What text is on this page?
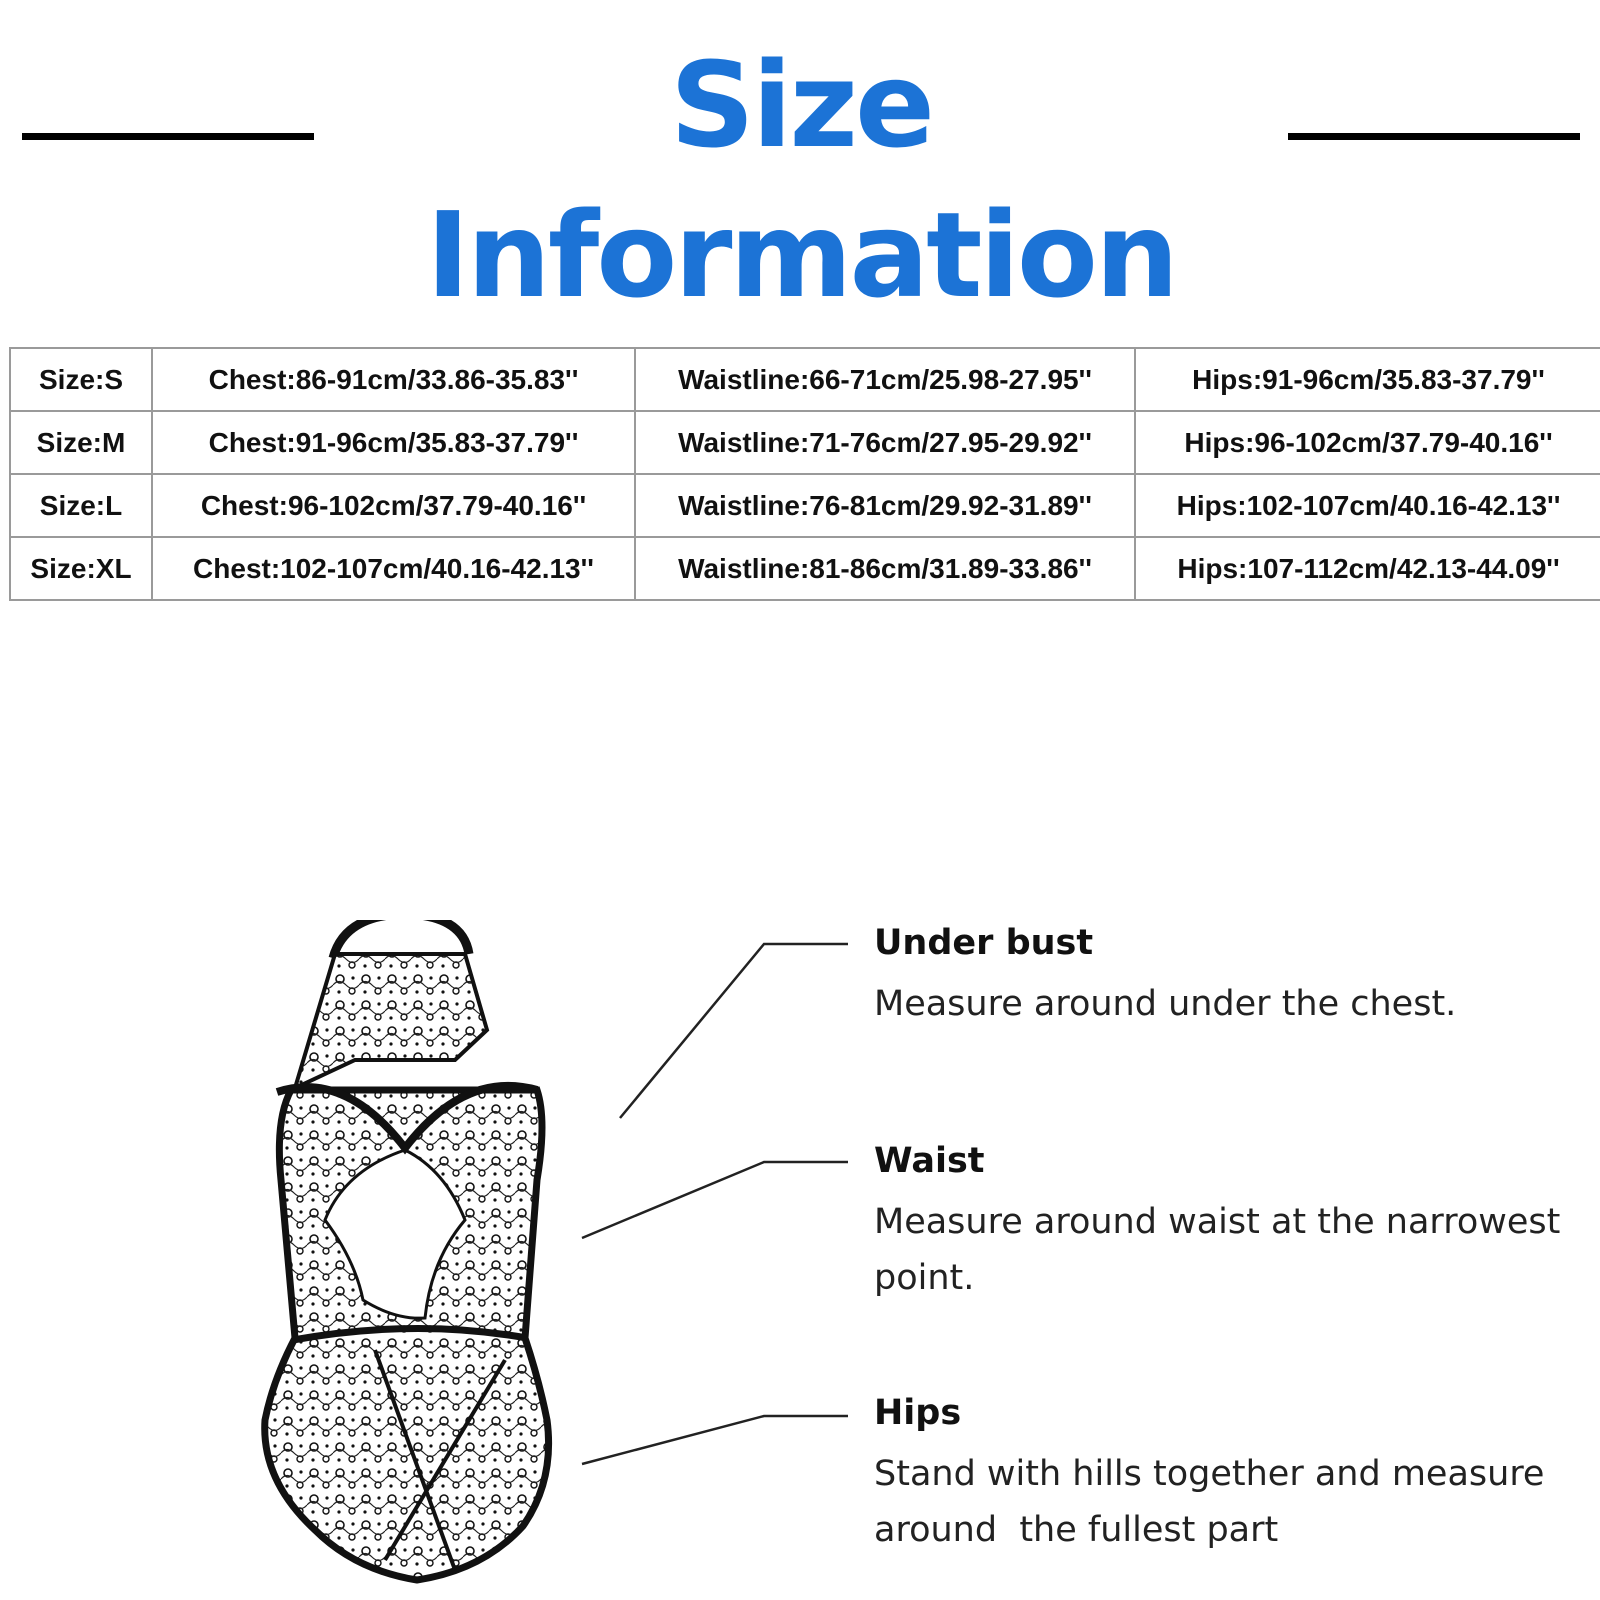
Size Information
Size:S	Chest:86-91cm/33.86-35.83''	Waistline:66-71cm/25.98-27.95''	Hips:91-96cm/35.83-37.79''
Size:M	Chest:91-96cm/35.83-37.79''	Waistline:71-76cm/27.95-29.92''	Hips:96-102cm/37.79-40.16''
Size:L	Chest:96-102cm/37.79-40.16''	Waistline:76-81cm/29.92-31.89''	Hips:102-107cm/40.16-42.13''
Size:XL	Chest:102-107cm/40.16-42.13''	Waistline:81-86cm/31.89-33.86''	Hips:107-112cm/42.13-44.09''
Under bust

Measure around under the chest.

Waist

Measure around waist at the narrowest
point.

Hips

Stand with hills together and measure
around  the fullest part
